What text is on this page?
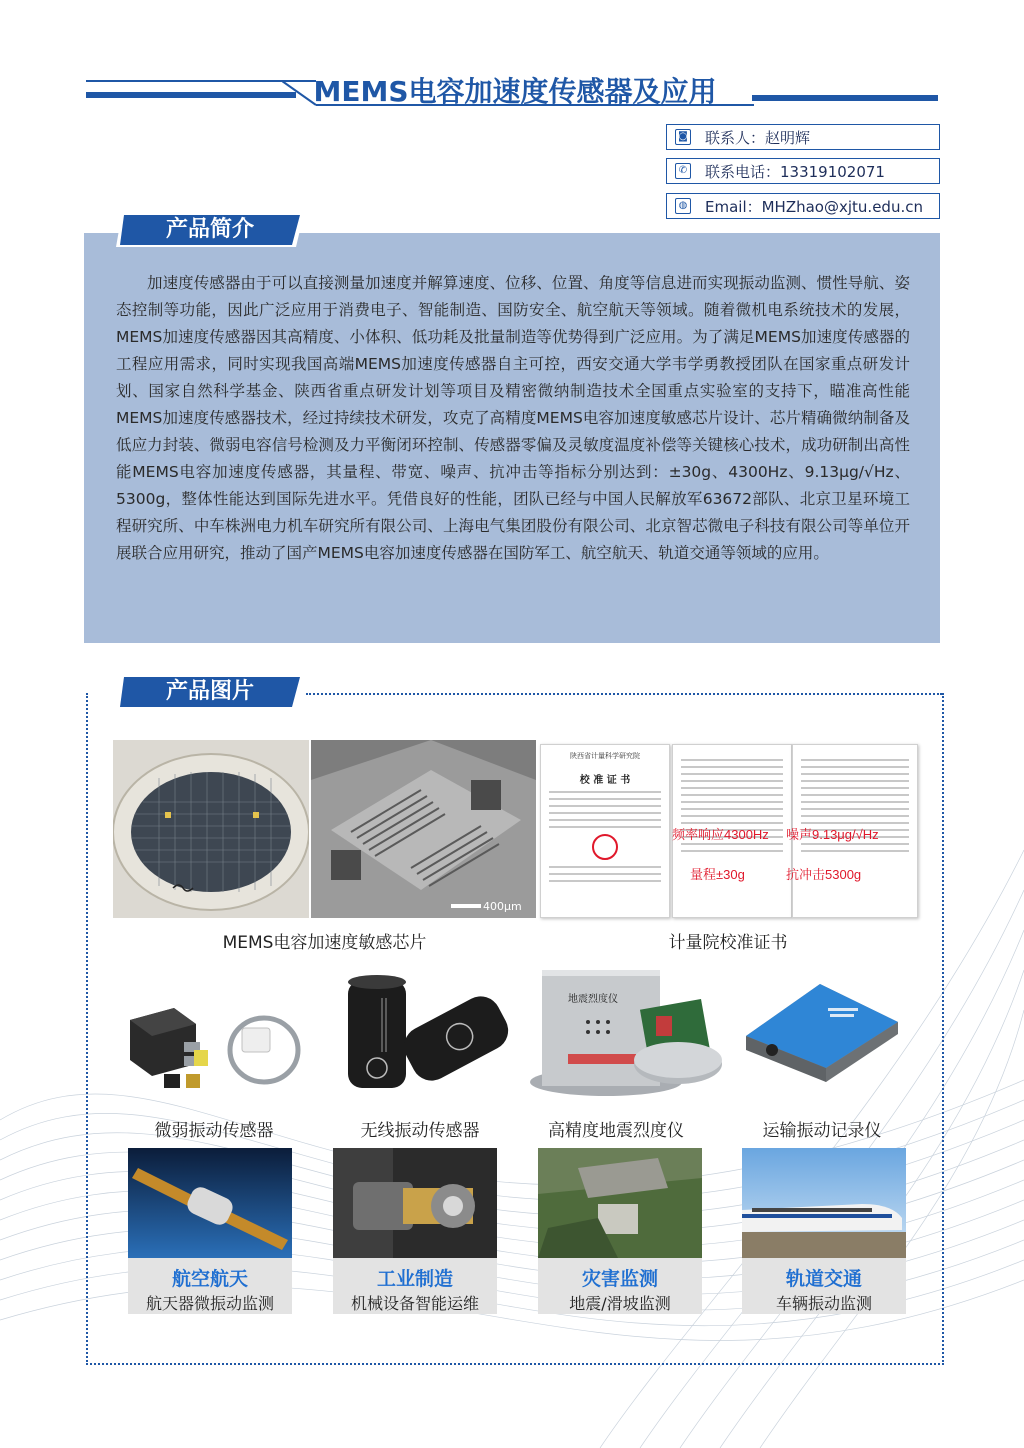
MEMS电容加速度传感器及应用
◙ 联系人：赵明辉
✆ 联系电话：13319102071
◍ Email：MHZhao@xjtu.edu.cn
产品简介
加速度传感器由于可以直接测量加速度并解算速度、位移、位置、角度等信息进而实现振动监测、惯性导航、姿态控制等功能，因此广泛应用于消费电子、智能制造、国防安全、航空航天等领域。随着微机电系统技术的发展，MEMS加速度传感器因其高精度、小体积、低功耗及批量制造等优势得到广泛应用。为了满足MEMS加速度传感器的工程应用需求，同时实现我国高端MEMS加速度传感器自主可控，西安交通大学韦学勇教授团队在国家重点研发计划、国家自然科学基金、陕西省重点研发计划等项目及精密微纳制造技术全国重点实验室的支持下，瞄准高性能MEMS加速度传感器技术，经过持续技术研发，攻克了高精度MEMS电容加速度敏感芯片设计、芯片精确微纳制备及低应力封装、微弱电容信号检测及力平衡闭环控制、传感器零偏及灵敏度温度补偿等关键核心技术，成功研制出高性能MEMS电容加速度传感器，其量程、带宽、噪声、抗冲击等指标分别达到：±30g、4300Hz、9.13μg/√Hz、5300g，整体性能达到国际先进水平。凭借良好的性能，团队已经与中国人民解放军63672部队、北京卫星环境工程研究所、中车株洲电力机车研究所有限公司、上海电气集团股份有限公司、北京智芯微电子科技有限公司等单位开展联合应用研究，推动了国产MEMS电容加速度传感器在国防军工、航空航天、轨道交通等领域的应用。
产品图片
400μm
MEMS电容加速度敏感芯片
陕西省计量科学研究院
校 准 证 书
频率响应4300Hz
量程±30g
噪声9.13μg/√Hz
抗冲击5300g
计量院校准证书
微弱振动传感器	无线振动传感器
地震烈度仪
高精度地震烈度仪	运输振动记录仪
航空航天
航天器微振动监测
工业制造
机械设备智能运维
灾害监测
地震/滑坡监测
轨道交通
车辆振动监测
